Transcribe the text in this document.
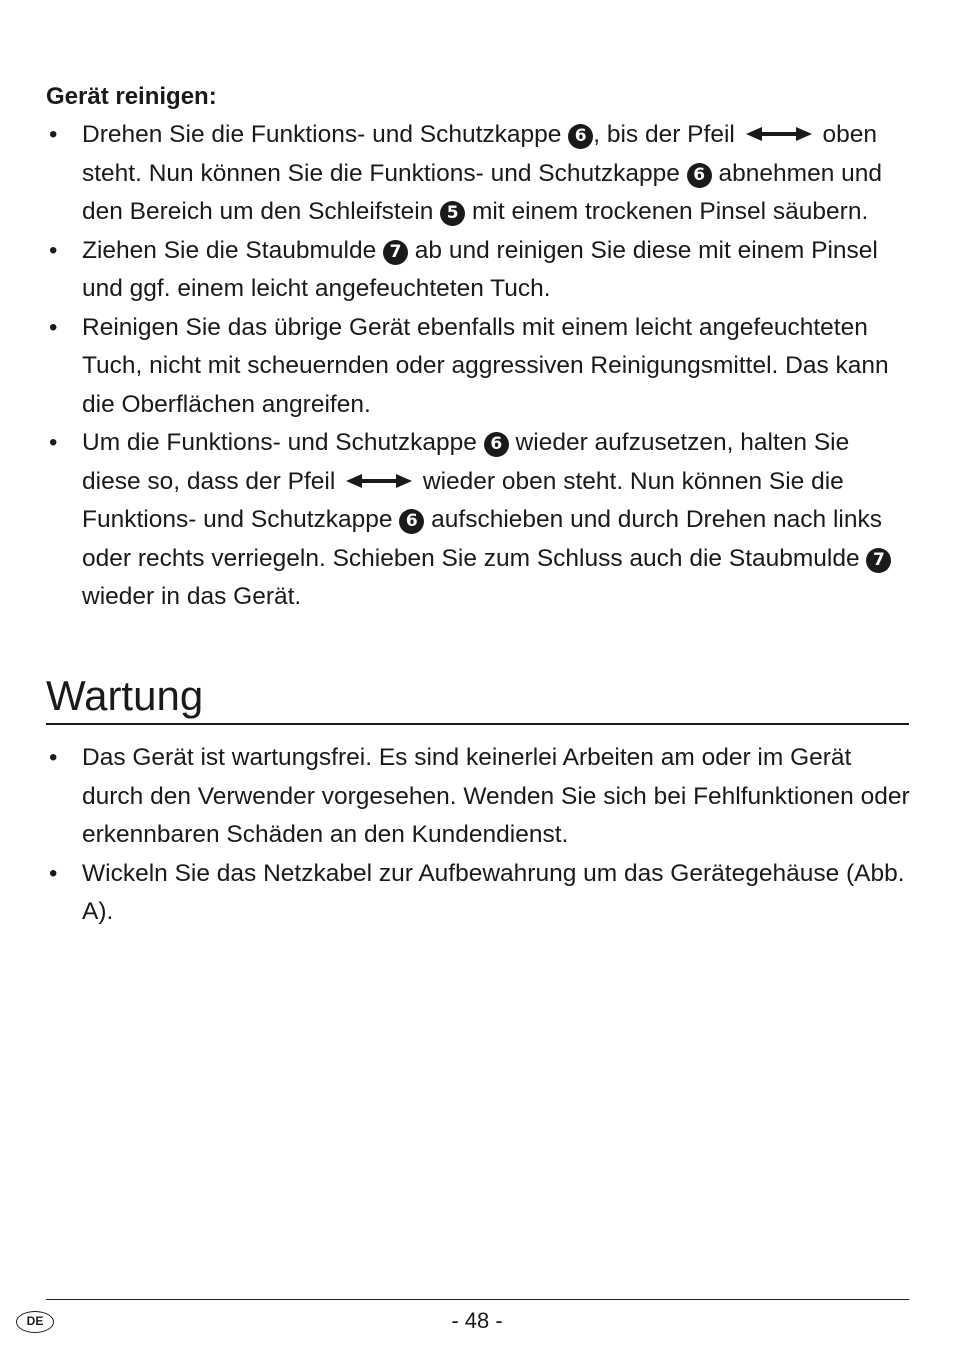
Gerät reinigen:
• Drehen Sie die Funktions- und Schutzkappe 6 , bis der Pfeil	oben steht. Nun können Sie die Funktions- und Schutzkappe 6 abnehmen und den Bereich um den Schleifstein 5 mit einem trockenen Pinsel säubern.
• Ziehen Sie die Staubmulde 7 ab und reinigen Sie diese mit einem Pinsel und ggf. einem leicht angefeuchteten Tuch.
• Reinigen Sie das übrige Gerät ebenfalls mit einem leicht angefeuchteten Tuch, nicht mit scheuernden oder aggressiven Reinigungsmittel. Das kann die Oberflächen angreifen.
• Um die Funktions- und Schutzkappe 6 wieder aufzusetzen, halten Sie diese so, dass der Pfeil	wieder oben steht. Nun können Sie die Funktions- und Schutzkappe 6 aufschieben und durch Drehen nach links oder rechts verriegeln. Schieben Sie zum Schluss auch die Staubmulde 7 wieder in das Gerät.
Wartung
• Das Gerät ist wartungsfrei. Es sind keinerlei Arbeiten am oder im Gerät durch den Verwender vorgesehen. Wenden Sie sich bei Fehlfunktionen oder erkennbaren Schäden an den Kundendienst.
• Wickeln Sie das Netzkabel zur Aufbewahrung um das Gerätegehäuse (Abb. A).
DE	- 48 -
